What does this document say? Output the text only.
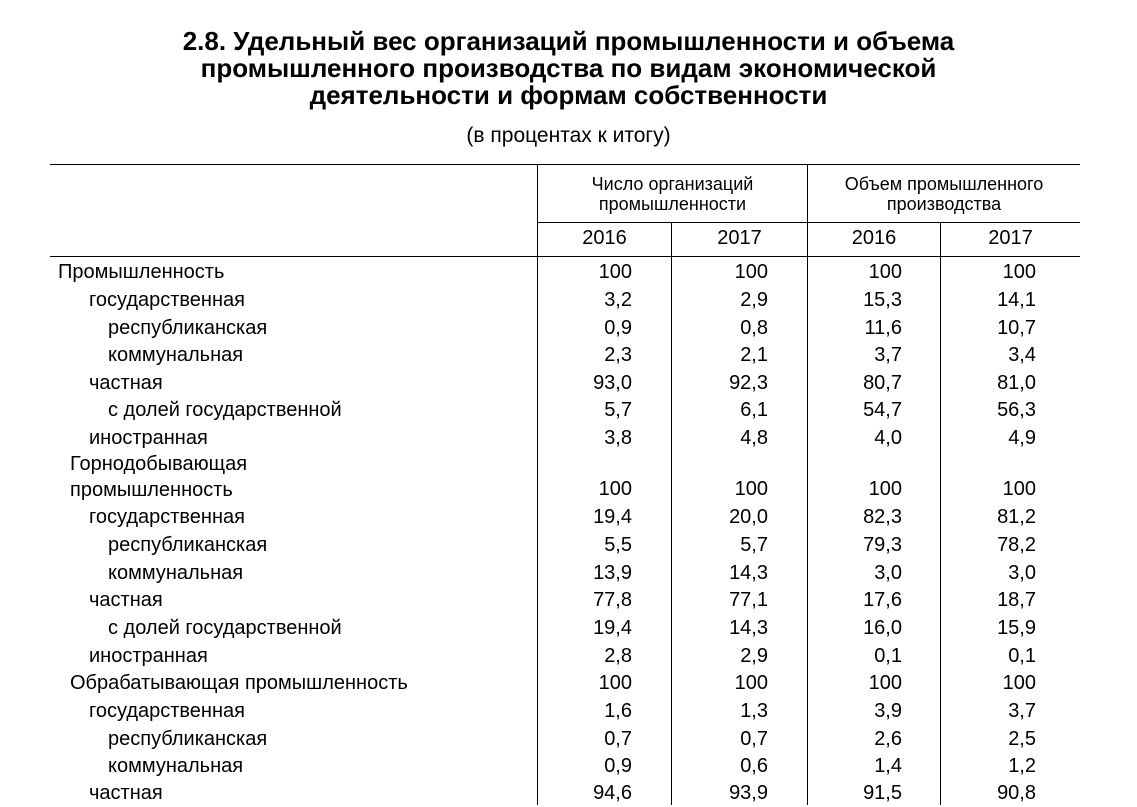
2.8. Удельный вес организаций промышленности и объема
промышленного производства по видам экономической
деятельности и формам собственности
(в процентах к итогу)
Число организаций
промышленности
Объем промышленного
производства
2016	2017	2016	2017
Промышленность	100	100	100	100
государственная	3,2	2,9	15,3	14,1
республиканская	0,9	0,8	11,6	10,7
коммунальная	2,3	2,1	3,7	3,4
частная	93,0	92,3	80,7	81,0
с долей государственной	5,7	6,1	54,7	56,3
иностранная	3,8	4,8	4,0	4,9
Горнодобывающая
промышленность	100	100	100	100
государственная	19,4	20,0	82,3	81,2
республиканская	5,5	5,7	79,3	78,2
коммунальная	13,9	14,3	3,0	3,0
частная	77,8	77,1	17,6	18,7
с долей государственной	19,4	14,3	16,0	15,9
иностранная	2,8	2,9	0,1	0,1
Обрабатывающая промышленность	100	100	100	100
государственная	1,6	1,3	3,9	3,7
республиканская	0,7	0,7	2,6	2,5
коммунальная	0,9	0,6	1,4	1,2
частная	94,6	93,9	91,5	90,8
